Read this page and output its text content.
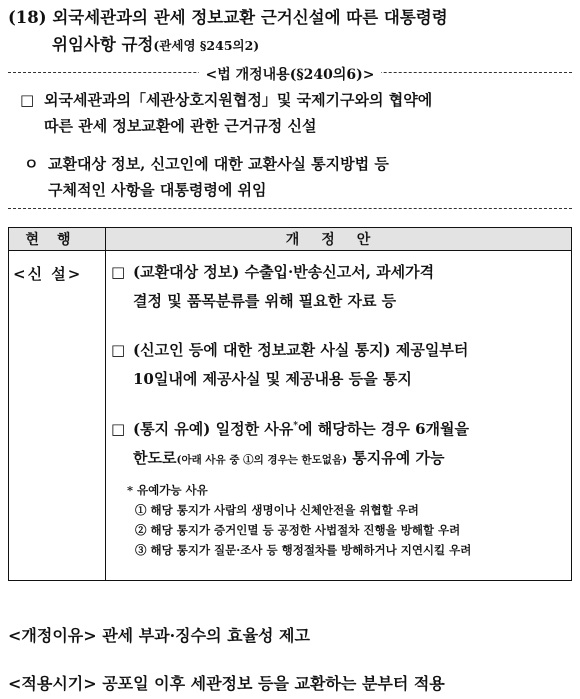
(18) 외국세관과의 관세 정보교환 근거신설에 따른 대통령령
위임사항 규정(관세영 §245의2)
<법 개정내용(§240의6)>
□ 외국세관과의「세관상호지원협정」및 국제기구와의 협약에
따른 관세 정보교환에 관한 근거규정 신설
ㅇ 교환대상 정보, 신고인에 대한 교환사실 통지방법 등
구체적인 사항을 대통령령에 위임
현행	개정안
<신 설> □ (교환대상 정보) 수출입·반송신고서, 과세가격
결정 및 품목분류를 위해 필요한 자료 등
□ (신고인 등에 대한 정보교환 사실 통지) 제공일부터
10일내에 제공사실 및 제공내용 등을 통지
□ (통지 유예) 일정한 사유*에 해당하는 경우 6개월을
한도로(아래 사유 중 ①의 경우는 한도없음) 통지유예 가능
* 유예가능 사유
① 해당 통지가 사람의 생명이나 신체안전을 위협할 우려
② 해당 통지가 증거인멸 등 공정한 사법절차 진행을 방해할 우려
③ 해당 통지가 질문·조사 등 행정절차를 방해하거나 지연시킬 우려
<개정이유> 관세 부과·징수의 효율성 제고
<적용시기> 공포일 이후 세관정보 등을 교환하는 분부터 적용
